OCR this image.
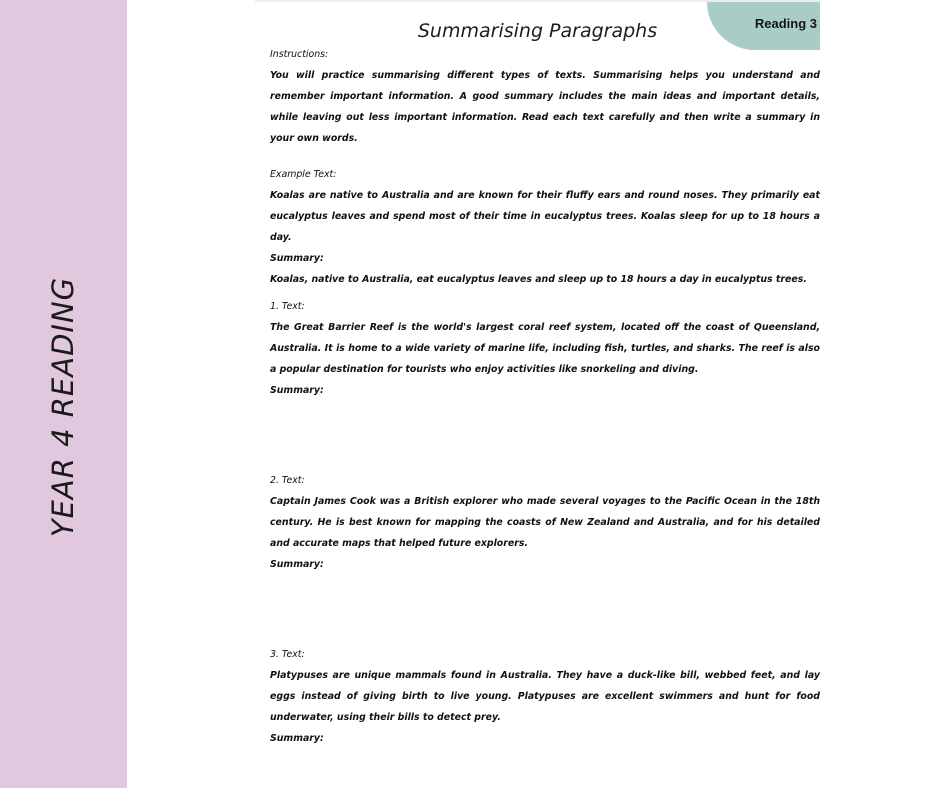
YEAR 4 READING
Reading 3
Summarising Paragraphs

Instructions:

You will practice summarising different types of texts. Summarising helps you understand and remember important information. A good summary includes the main ideas and important details, while leaving out less important information. Read each text carefully and then write a summary in your own words.

Example Text:

Koalas are native to Australia and are known for their fluffy ears and round noses. They primarily eat eucalyptus leaves and spend most of their time in eucalyptus trees. Koalas sleep for up to 18 hours a day.

Summary:

Koalas, native to Australia, eat eucalyptus leaves and sleep up to 18 hours a day in eucalyptus trees.

1. Text:

The Great Barrier Reef is the world's largest coral reef system, located off the coast of Queensland, Australia. It is home to a wide variety of marine life, including fish, turtles, and sharks. The reef is also a popular destination for tourists who enjoy activities like snorkeling and diving.

Summary:

2. Text:

Captain James Cook was a British explorer who made several voyages to the Pacific Ocean in the 18th century. He is best known for mapping the coasts of New Zealand and Australia, and for his detailed and accurate maps that helped future explorers.

Summary:

3. Text:

Platypuses are unique mammals found in Australia. They have a duck-like bill, webbed feet, and lay eggs instead of giving birth to live young. Platypuses are excellent swimmers and hunt for food underwater, using their bills to detect prey.

Summary:
